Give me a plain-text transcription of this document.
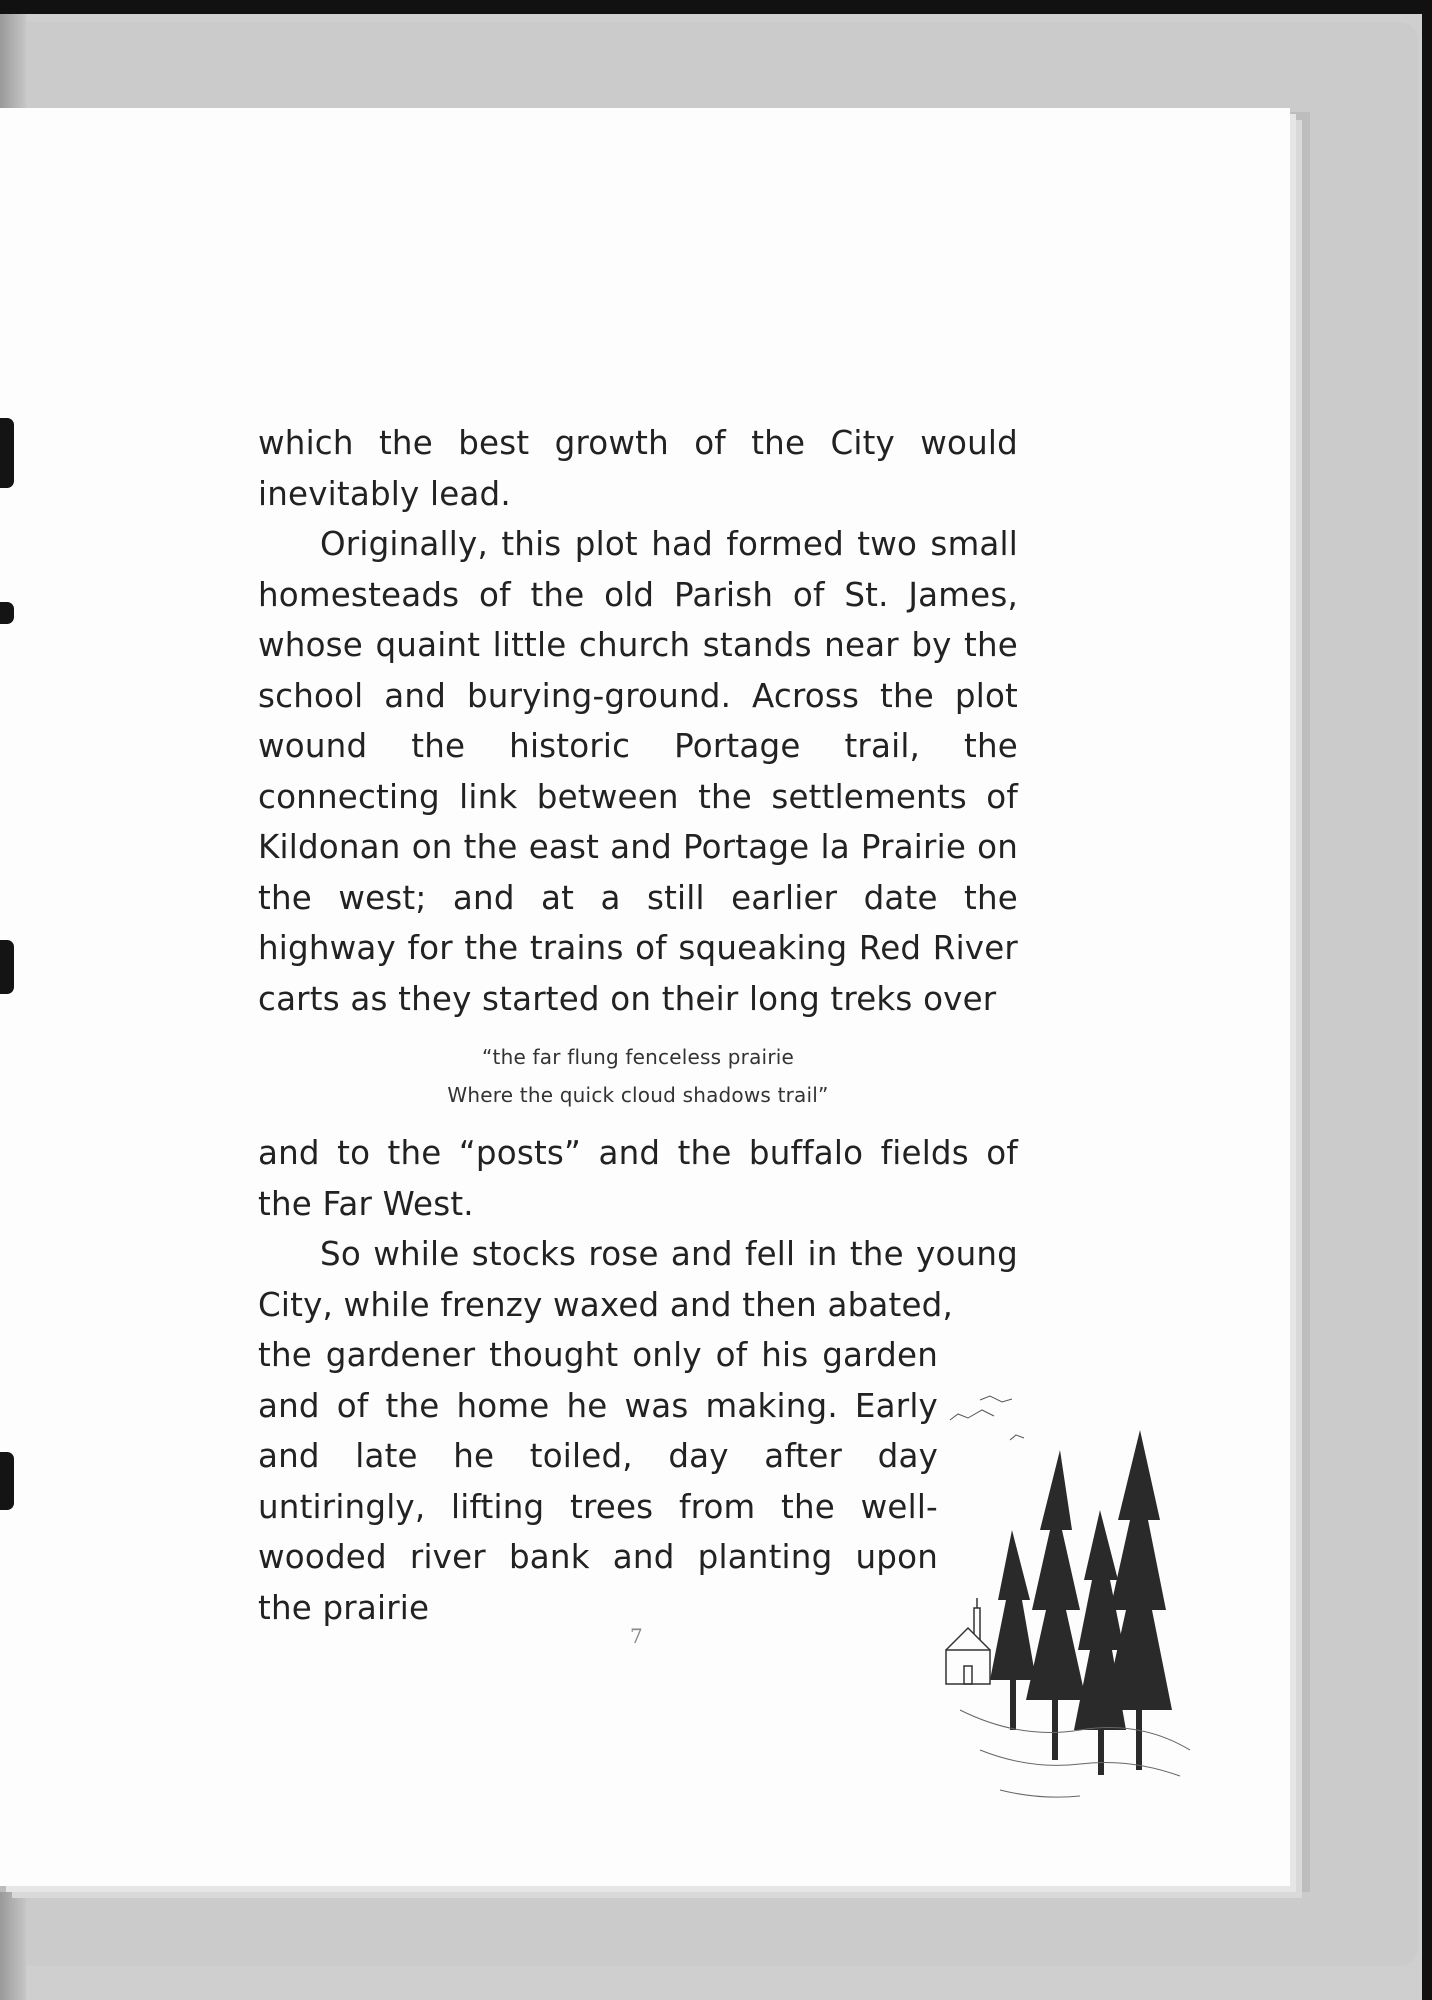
which the best growth of the City would inevitably lead.

Originally, this plot had formed two small homesteads of the old Parish of St. James, whose quaint little church stands near by the school and burying-ground. Across the plot wound the historic Portage trail, the connecting link between the settlements of Kildonan on the east and Portage la Prairie on the west; and at a still earlier date the highway for the trains of squeaking Red River carts as they started on their long treks over

“the far flung fenceless prairie
Where the quick cloud shadows trail”

and to the “posts” and the buffalo fields of the Far West.

So while stocks rose and fell in the young City, while frenzy waxed and then abated,

the gardener thought only of his garden and of the home he was making. Early and late he toiled, day after day untiringly, lifting trees from the well-wooded river bank and planting upon the prairie

7
